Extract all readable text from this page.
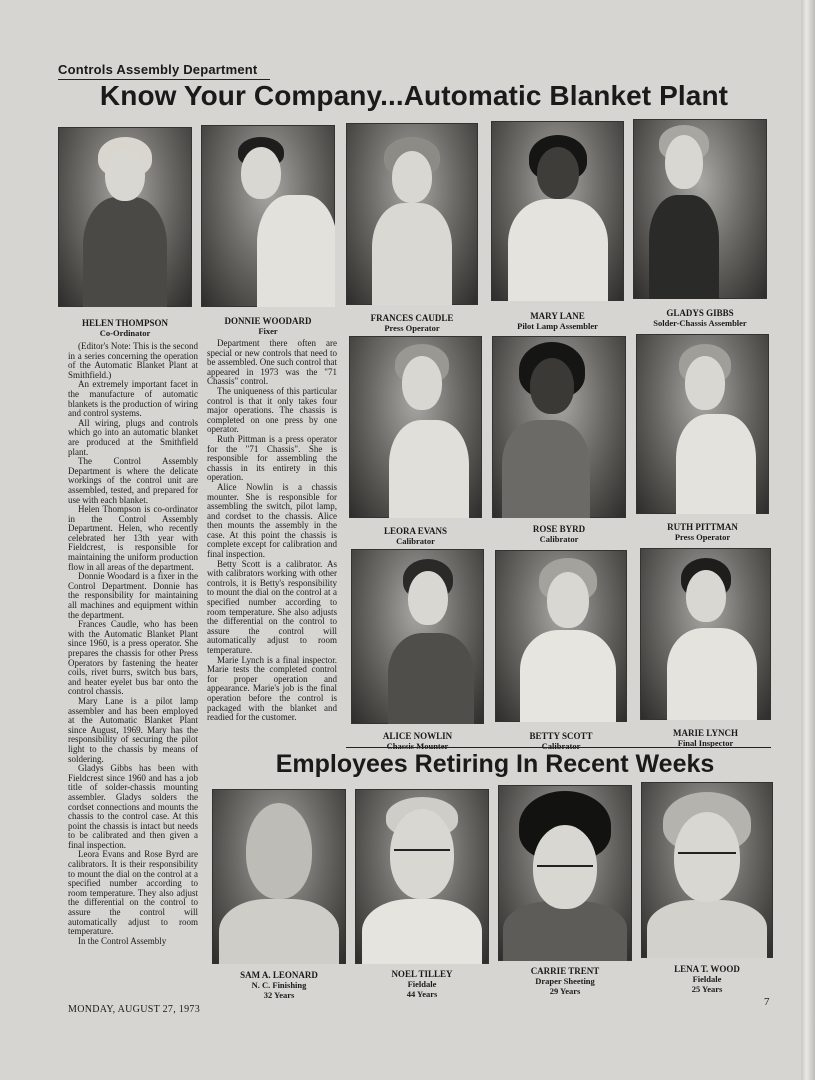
Controls Assembly Department
Know Your Company...Automatic Blanket Plant
HELEN THOMPSON
Co-Ordinator
DONNIE WOODARD
Fixer
FRANCES CAUDLE
Press Operator
MARY LANE
Pilot Lamp Assembler
GLADYS GIBBS
Solder-Chassis Assembler
LEORA EVANS
Calibrator
ROSE BYRD
Calibrator
RUTH PITTMAN
Press Operator
ALICE NOWLIN
Chassis Mounter
BETTY SCOTT
Calibrator
MARIE LYNCH
Final Inspector

(Editor's Note: This is the second in a series concerning the operation of the Automatic Blanket Plant at Smithfield.)

An extremely important facet in the manufacture of automatic blankets is the production of wiring and control systems.

All wiring, plugs and controls which go into an automatic blanket are produced at the Smithfield plant.

The Control Assembly Department is where the delicate workings of the control unit are assembled, tested, and prepared for use with each blanket.

Helen Thompson is co-ordinator in the Control Assembly Department. Helen, who recently celebrated her 13th year with Fieldcrest, is responsible for maintaining the uniform production flow in all areas of the department.

Donnie Woodard is a fixer in the Control Department. Donnie has the responsibility for maintaining all machines and equipment within the department.

Frances Caudle, who has been with the Automatic Blanket Plant since 1960, is a press operator. She prepares the chassis for other Press Operators by fastening the heater coils, rivet burrs, switch bus bars, and heater eyelet bus bar onto the control chassis.

Mary Lane is a pilot lamp assembler and has been employed at the Automatic Blanket Plant since August, 1969. Mary has the responsibility of securing the pilot light to the chassis by means of soldering.

Gladys Gibbs has been with Fieldcrest since 1960 and has a job title of solder-chassis mounting assembler. Gladys solders the cordset connections and mounts the chassis to the control case. At this point the chassis is intact but needs to be calibrated and then given a final inspection.

Leora Evans and Rose Byrd are calibrators. It is their responsibility to mount the dial on the control at a specified number according to room temperature. They also adjust the differential on the control to assure the control will automatically adjust to room temperature.

In the Control Assembly

Department there often are special or new controls that need to be assembled. One such control that appeared in 1973 was the "71 Chassis" control.

The uniqueness of this particular control is that it only takes four major operations. The chassis is completed on one press by one operator.

Ruth Pittman is a press operator for the "71 Chassis". She is responsible for assembling the chassis in its entirety in this operation.

Alice Nowlin is a chassis mounter. She is responsible for assembling the switch, pilot lamp, and cordset to the chassis. Alice then mounts the assembly in the case. At this point the chassis is complete except for calibration and final inspection.

Betty Scott is a calibrator. As with calibrators working with other controls, it is Betty's responsibility to mount the dial on the control at a specified number according to room temperature. She also adjusts the differential on the control to assure the control will automatically adjust to room temperature.

Marie Lynch is a final inspector. Marie tests the completed control for proper operation and appearance. Marie's job is the final operation before the control is packaged with the blanket and readied for the customer.

Employees Retiring In Recent Weeks
SAM A. LEONARD
N. C. Finishing
32 Years
NOEL TILLEY
Fieldale
44 Years
CARRIE TRENT
Draper Sheeting
29 Years
LENA T. WOOD
Fieldale
25 Years
MONDAY, AUGUST 27, 1973
7
